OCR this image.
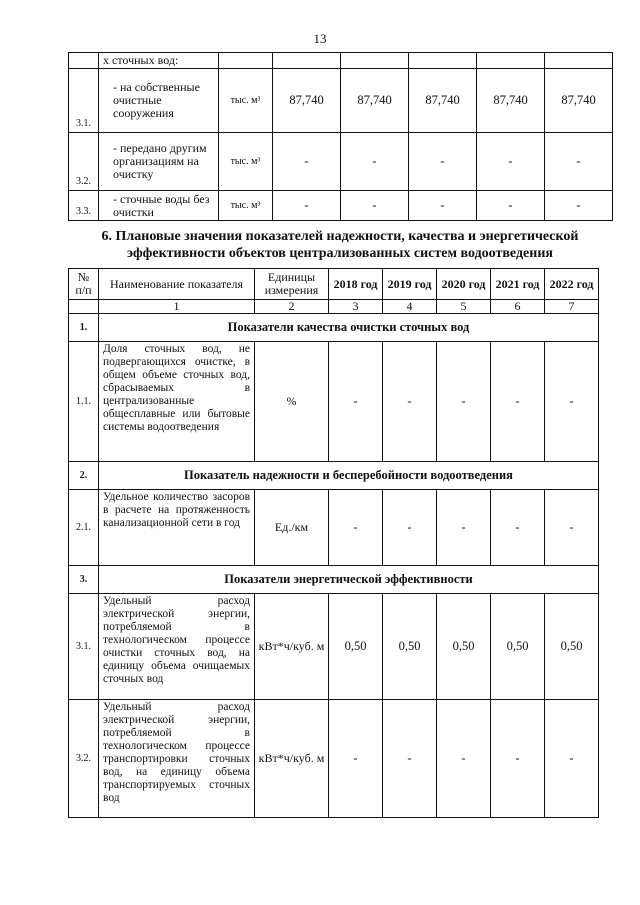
13
	х сточных вод:						
3.1.	- на собственные очистные сооружения	тыс. м³	87,740	87,740	87,740	87,740	87,740
3.2.	- передано другим организациям на очистку	тыс. м³	-	-	-	-	-
3.3.	- сточные воды без очистки	тыс. м³	-	-	-	-	-
6. Плановые значения показателей надежности, качества и энергетической
эффективности объектов централизованных систем водоотведения
№ п/п	Наименование показателя	Единицы измерения	2018 год	2019 год	2020 год	2021 год	2022 год
	1	2	3	4	5	6	7
1.	Показатели качества очистки сточных вод						
1.1.	Доля сточных вод, не подвергающихся очистке, в общем объеме сточных вод, сбрасываемых в централизованные общесплавные или бытовые системы водоотведения	%	-	-	-	-	-
2.	Показатель надежности и бесперебойности водоотведения						
2.1.	Удельное количество засоров в расчете на протяженность канализационной сети в год	Ед./км	-	-	-	-	-
3.	Показатели энергетической эффективности						
3.1.	Удельный расход электрической энергии, потребляемой в технологическом процессе очистки сточных вод, на единицу объема очищаемых сточных вод	кВт*ч/куб. м	0,50	0,50	0,50	0,50	0,50
3.2.	Удельный расход электрической энергии, потребляемой в технологическом процессе транспортировки сточных вод, на единицу объема транспортируемых сточных вод	кВт*ч/куб. м	-	-	-	-	-
